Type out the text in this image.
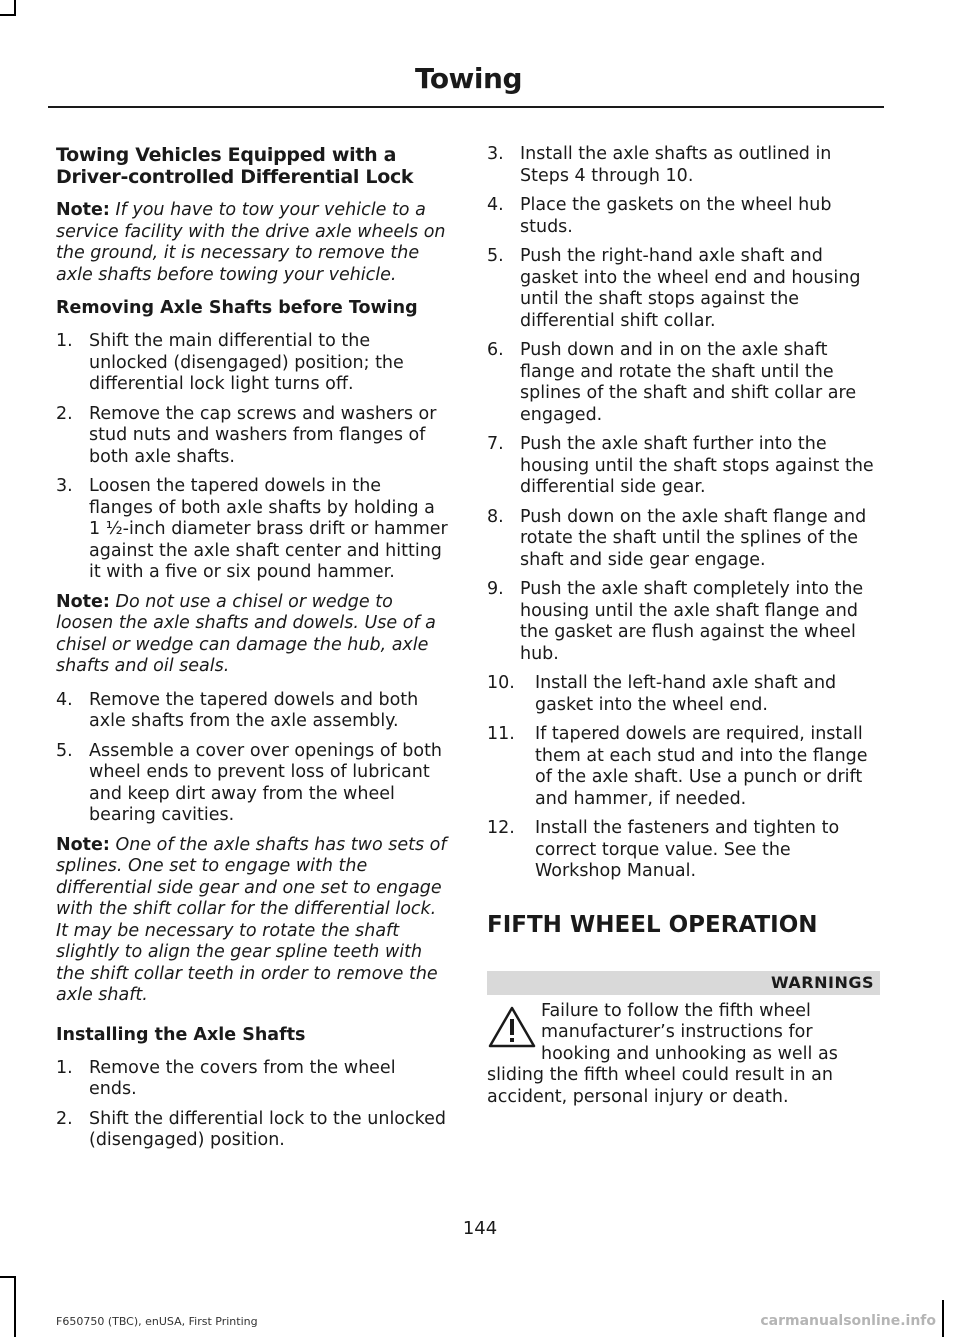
Towing
Towing Vehicles Equipped with a Driver-controlled Differential Lock

Note: If you have to tow your vehicle to a service facility with the drive axle wheels on the ground, it is necessary to remove the axle shafts before towing your vehicle.

Removing Axle Shafts before Towing
1. Shift the main differential to the unlocked (disengaged) position; the differential lock light turns off.
2. Remove the cap screws and washers or stud nuts and washers from flanges of both axle shafts.
3. Loosen the tapered dowels in the flanges of both axle shafts by holding a 1 ½-inch diameter brass drift or hammer against the axle shaft center and hitting it with a five or six pound hammer.

Note: Do not use a chisel or wedge to loosen the axle shafts and dowels. Use of a chisel or wedge can damage the hub, axle shafts and oil seals.

4. Remove the tapered dowels and both axle shafts from the axle assembly.
5. Assemble a cover over openings of both wheel ends to prevent loss of lubricant and keep dirt away from the wheel bearing cavities.

Note: One of the axle shafts has two sets of splines. One set to engage with the differential side gear and one set to engage with the shift collar for the differential lock. It may be necessary to rotate the shaft slightly to align the gear spline teeth with the shift collar teeth in order to remove the axle shaft.

Installing the Axle Shafts
1. Remove the covers from the wheel ends.
2. Shift the differential lock to the unlocked (disengaged) position.
3. Install the axle shafts as outlined in Steps 4 through 10.
4. Place the gaskets on the wheel hub studs.
5. Push the right-hand axle shaft and gasket into the wheel end and housing until the shaft stops against the differential shift collar.
6. Push down and in on the axle shaft flange and rotate the shaft until the splines of the shaft and shift collar are engaged.
7. Push the axle shaft further into the housing until the shaft stops against the differential side gear.
8. Push down on the axle shaft flange and rotate the shaft until the splines of the shaft and side gear engage.
9. Push the axle shaft completely into the housing until the axle shaft flange and the gasket are flush against the wheel hub.
10. Install the left-hand axle shaft and gasket into the wheel end.
11. If tapered dowels are required, install them at each stud and into the flange of the axle shaft. Use a punch or drift and hammer, if needed.
12. Install the fasteners and tighten to correct torque value. See the Workshop Manual.
FIFTH WHEEL OPERATION
WARNINGS

Failure to follow the fifth wheel manufacturer’s instructions for hooking and unhooking as well as sliding the fifth wheel could result in an accident, personal injury or death.

144
F650750 (TBC), enUSA, First Printing	carmanualsonline.info
